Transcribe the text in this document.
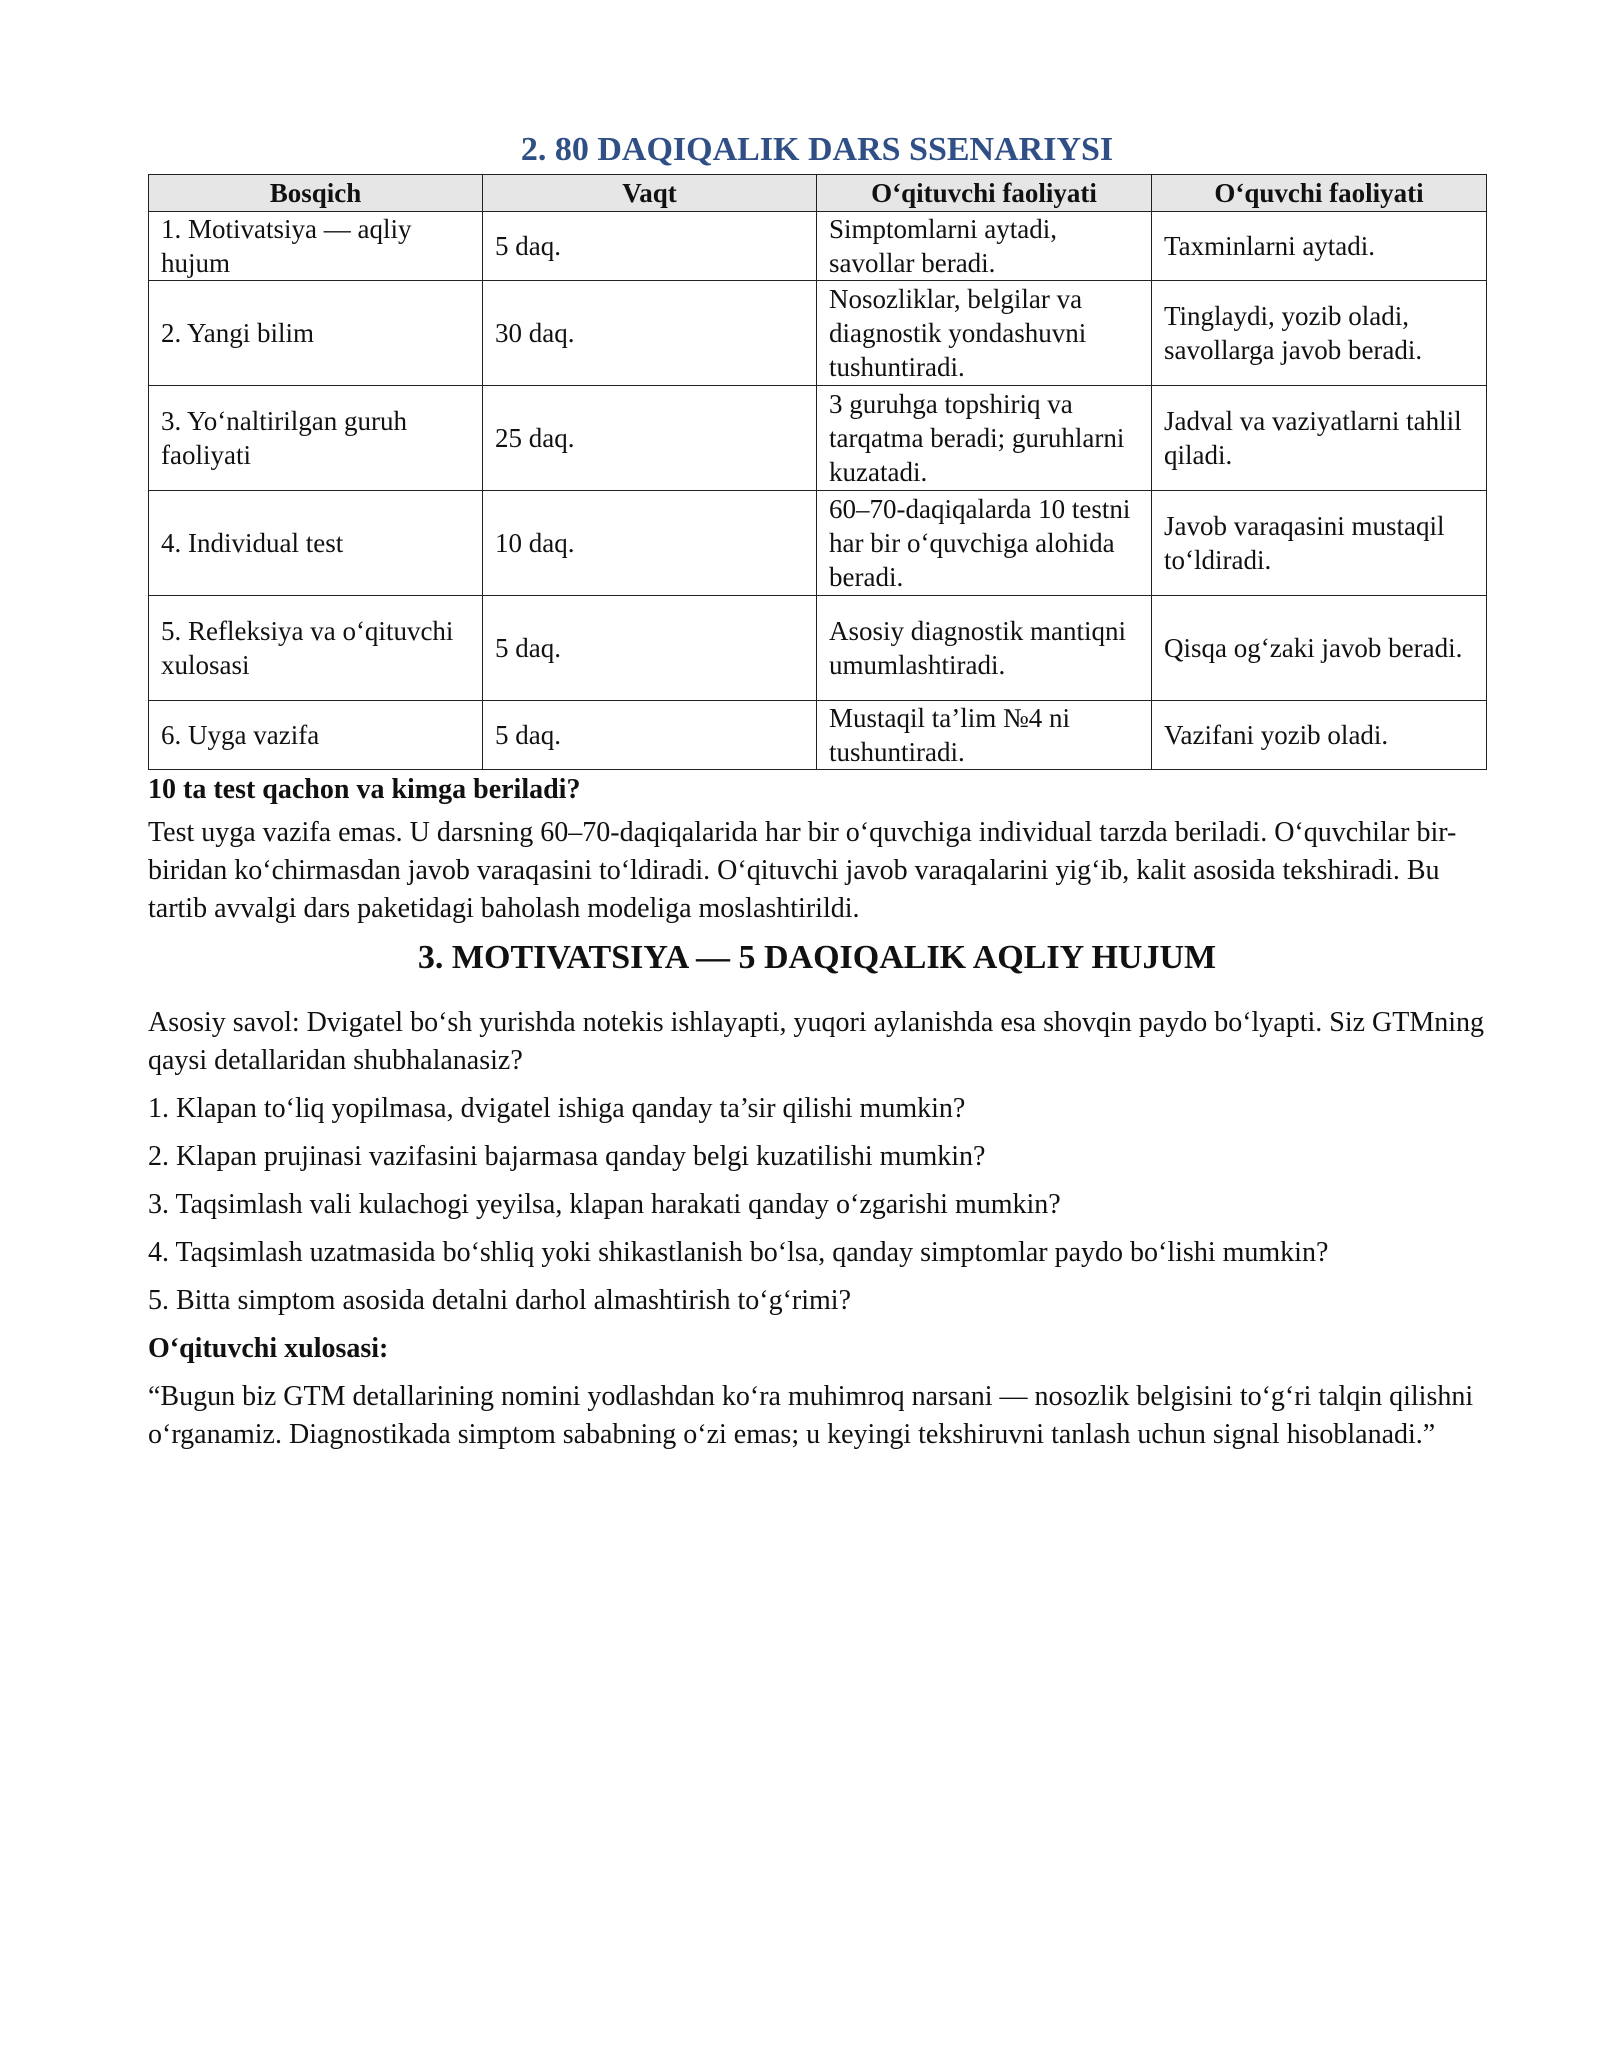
2. 80 DAQIQALIK DARS SSENARIYSI
Bosqich	Vaqt	O‘qituvchi faoliyati	O‘quvchi faoliyati
1. Motivatsiya — aqliy hujum	5 daq.	Simptomlarni aytadi, savollar beradi.	Taxminlarni aytadi.
2. Yangi bilim	30 daq.	Nosozliklar, belgilar va diagnostik yondashuvni tushuntiradi.	Tinglaydi, yozib oladi, savollarga javob beradi.
3. Yo‘naltirilgan guruh faoliyati	25 daq.	3 guruhga topshiriq va tarqatma beradi; guruhlarni kuzatadi.	Jadval va vaziyatlarni tahlil qiladi.
4. Individual test	10 daq.	60–70-daqiqalarda 10 testni har bir o‘quvchiga alohida beradi.	Javob varaqasini mustaqil to‘ldiradi.
5. Refleksiya va o‘qituvchi xulosasi	5 daq.	Asosiy diagnostik mantiqni umumlashtiradi.	Qisqa og‘zaki javob beradi.
6. Uyga vazifa	5 daq.	Mustaqil ta’lim №4 ni tushuntiradi.	Vazifani yozib oladi.
10 ta test qachon va kimga beriladi?

Test uyga vazifa emas. U darsning 60–70-daqiqalarida har bir o‘quvchiga individual tarzda beriladi. O‘quvchilar bir-biridan ko‘chirmasdan javob varaqasini to‘ldiradi. O‘qituvchi javob varaqalarini yig‘ib, kalit asosida tekshiradi. Bu tartib avvalgi dars paketidagi baholash modeliga moslashtirildi.

3. MOTIVATSIYA — 5 DAQIQALIK AQLIY HUJUM

Asosiy savol: Dvigatel bo‘sh yurishda notekis ishlayapti, yuqori aylanishda esa shovqin paydo bo‘lyapti. Siz GTMning qaysi detallaridan shubhalanasiz?

1. Klapan to‘liq yopilmasa, dvigatel ishiga qanday ta’sir qilishi mumkin?
2. Klapan prujinasi vazifasini bajarmasa qanday belgi kuzatilishi mumkin?
3. Taqsimlash vali kulachogi yeyilsa, klapan harakati qanday o‘zgarishi mumkin?
4. Taqsimlash uzatmasida bo‘shliq yoki shikastlanish bo‘lsa, qanday simptomlar paydo bo‘lishi mumkin?
5. Bitta simptom asosida detalni darhol almashtirish to‘g‘rimi?
O‘qituvchi xulosasi:

“Bugun biz GTM detallarining nomini yodlashdan ko‘ra muhimroq narsani — nosozlik belgisini to‘g‘ri talqin qilishni o‘rganamiz. Diagnostikada simptom sababning o‘zi emas; u keyingi tekshiruvni tanlash uchun signal hisoblanadi.”
